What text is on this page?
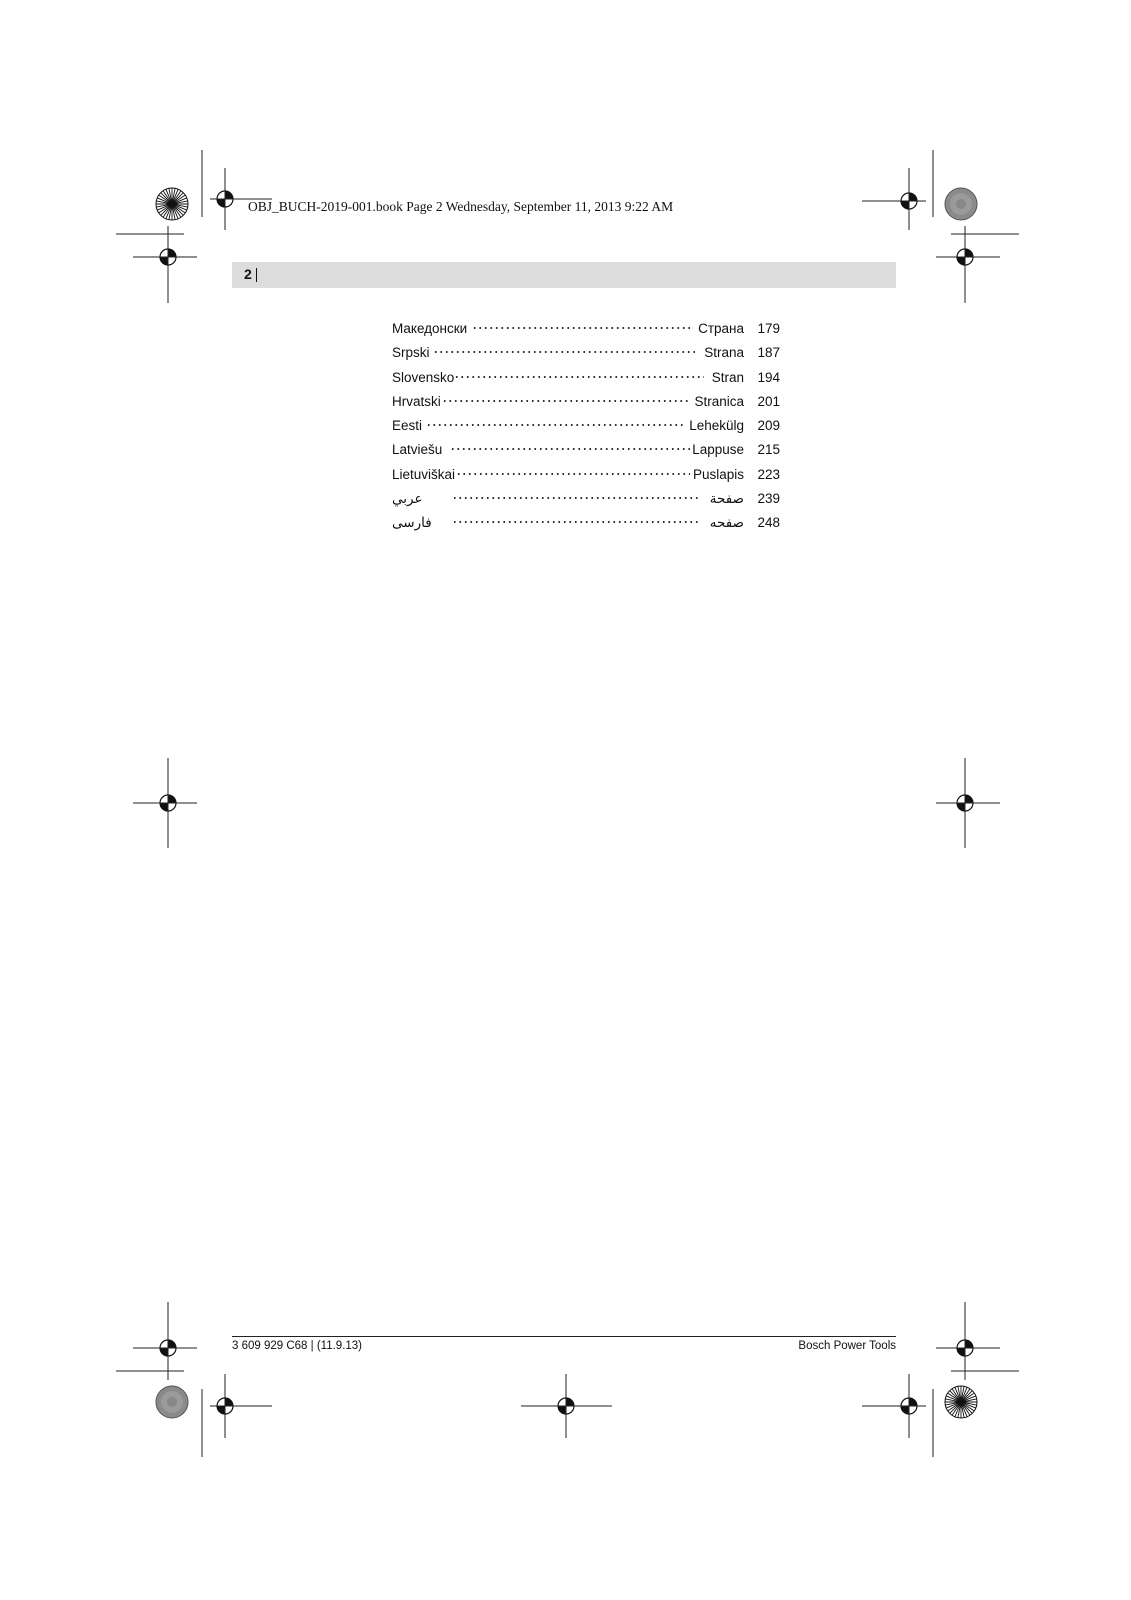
OBJ_BUCH-2019-001.book Page 2 Wednesday, September 11, 2013 9:22 AM
2
Македонски	Страна 179
Srpski	Strana 187
Slovensko	Stran 194
Hrvatski	Stranica 201
Eesti	Lehekülg 209
Latviešu	Lappuse 215
Lietuviškai	Puslapis 223
عربي	صفحة 239
فارسی	صفحه 248
3 609 929 C68 | (11.9.13)	Bosch Power Tools
